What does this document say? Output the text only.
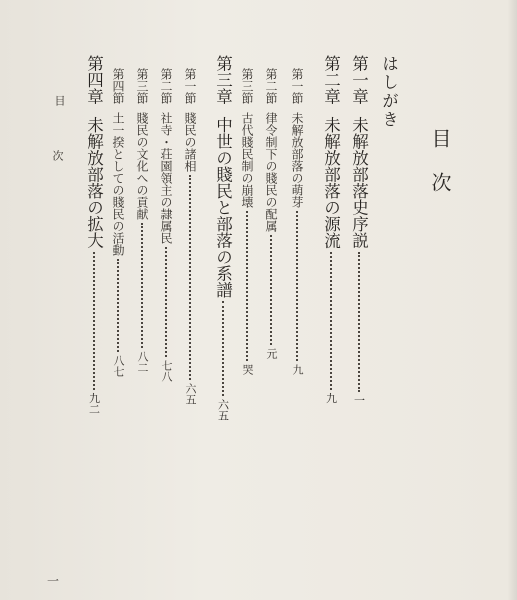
目　次
はしがき
第一章未解放部落史序説一
第二章未解放部落の源流九
第一節未解放部落の萌芽九
第二節律令制下の賤民の配属元
第三節古代賤民制の崩壊哭
第三章中世の賤民と部落の系譜六五
第一節賤民の諸相六五
第二節社寺・荘園領主の隷属民七八
第三節賤民の文化への貢献八二
第四節土一揆としての賤民の活動八七
第四章未解放部落の拡大九二
目
次
一
